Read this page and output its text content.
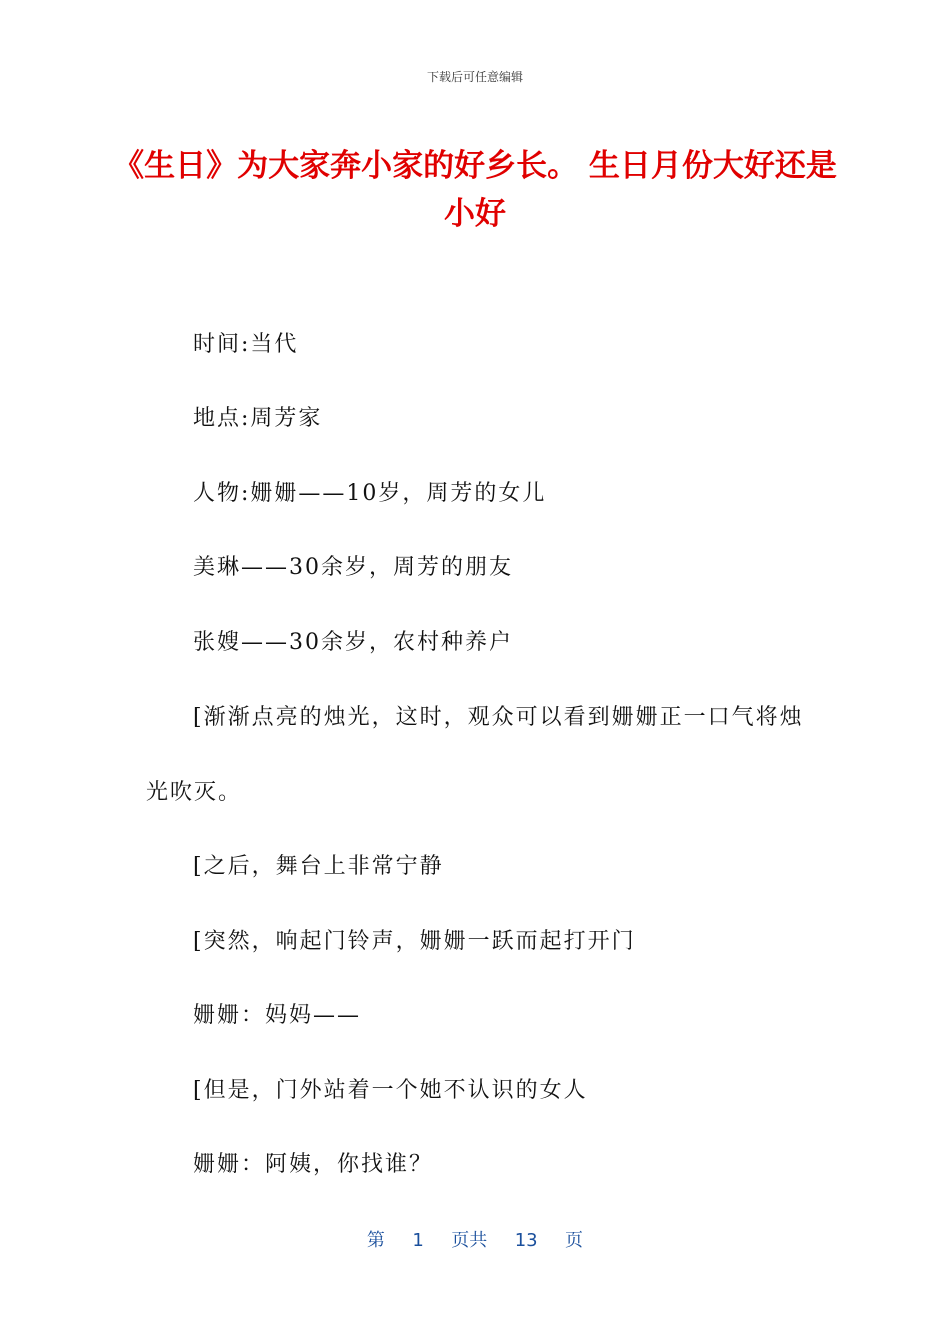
下载后可任意编辑
《生日》为大家奔小家的好乡长。 生日月份大好还是小好
时间:当代
地点:周芳家
人物:姗姗——10岁，周芳的女儿
美琳——30余岁，周芳的朋友
张嫂——30余岁，农村种养户
[渐渐点亮的烛光，这时，观众可以看到姗姗正一口气将烛
光吹灭。
[之后，舞台上非常宁静
[突然，响起门铃声，姗姗一跃而起打开门
姗姗：妈妈——
[但是，门外站着一个她不认识的女人
姗姗：阿姨，你找谁？
第  1  页共  13  页
